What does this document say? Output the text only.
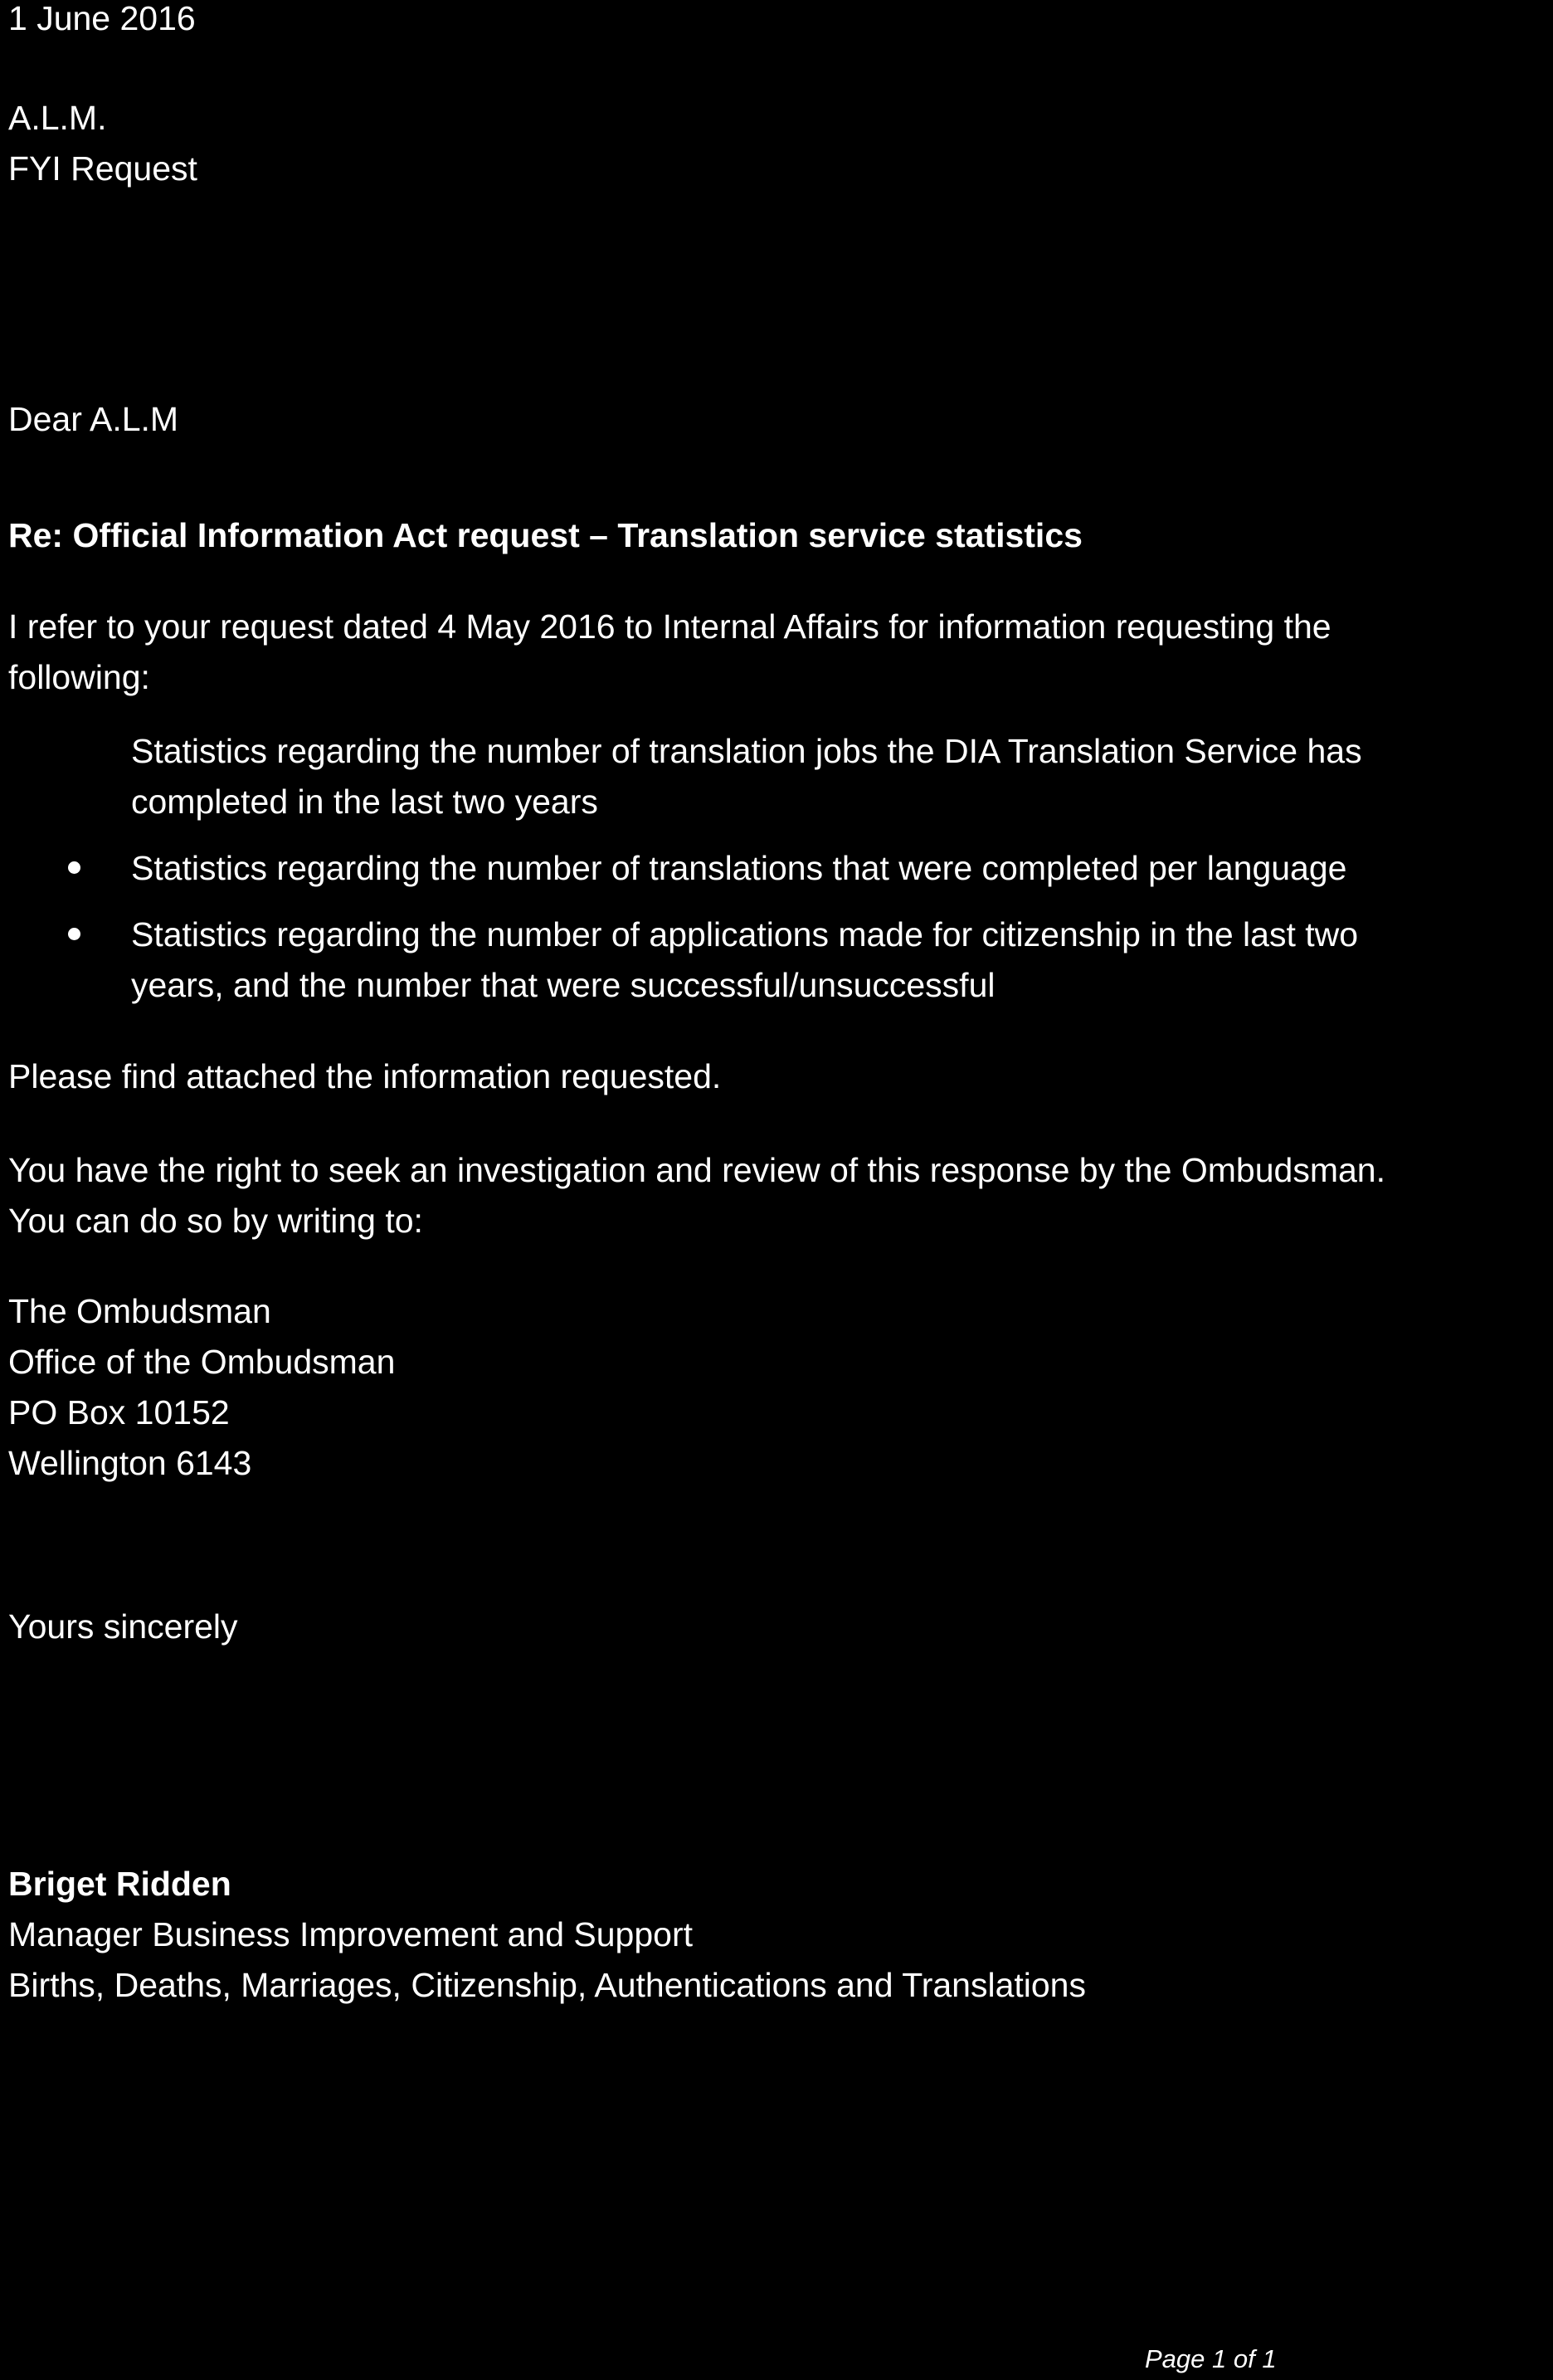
1 June 2016
A.L.M.
FYI Request
Dear A.L.M
Re: Official Information Act request – Translation service statistics
I refer to your request dated 4 May 2016 to Internal Affairs for information requesting the
following:
Statistics regarding the number of translation jobs the DIA Translation Service has
completed in the last two years
Statistics regarding the number of translations that were completed per language
Statistics regarding the number of applications made for citizenship in the last two
years, and the number that were successful/unsuccessful
Please find attached the information requested.
You have the right to seek an investigation and review of this response by the Ombudsman.
You can do so by writing to:
The Ombudsman
Office of the Ombudsman
PO Box 10152
Wellington 6143
Yours sincerely
Briget Ridden
Manager Business Improvement and Support
Births, Deaths, Marriages, Citizenship, Authentications and Translations
Page 1 of 1
